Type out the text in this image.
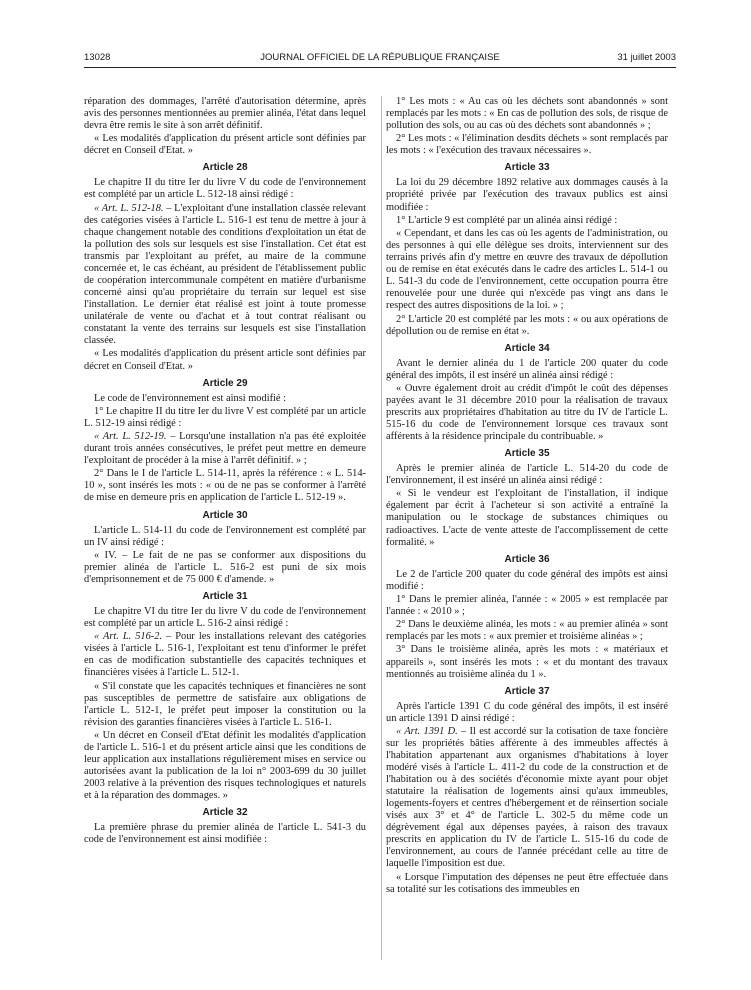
13028	JOURNAL OFFICIEL DE LA RÉPUBLIQUE FRANÇAISE	31 juillet 2003

réparation des dommages, l'arrêté d'autorisation détermine, après avis des personnes mentionnées au premier alinéa, l'état dans lequel devra être remis le site à son arrêt définitif.

« Les modalités d'application du présent article sont définies par décret en Conseil d'Etat. »

Article 28

Le chapitre II du titre Ier du livre V du code de l'environnement est complété par un article L. 512-18 ainsi rédigé :

« Art. L. 512-18. – L'exploitant d'une installation classée relevant des catégories visées à l'article L. 516-1 est tenu de mettre à jour à chaque changement notable des conditions d'exploitation un état de la pollution des sols sur lesquels est sise l'installation. Cet état est transmis par l'exploitant au préfet, au maire de la commune concernée et, le cas échéant, au président de l'établissement public de coopération intercommunale compétent en matière d'urbanisme concerné ainsi qu'au propriétaire du terrain sur lequel est sise l'installation. Le dernier état réalisé est joint à toute promesse unilatérale de vente ou d'achat et à tout contrat réalisant ou constatant la vente des terrains sur lesquels est sise l'installation classée.

« Les modalités d'application du présent article sont définies par décret en Conseil d'Etat. »

Article 29

Le code de l'environnement est ainsi modifié :

1° Le chapitre II du titre Ier du livre V est complété par un article L. 512-19 ainsi rédigé :

« Art. L. 512-19. – Lorsqu'une installation n'a pas été exploitée durant trois années consécutives, le préfet peut mettre en demeure l'exploitant de procéder à la mise à l'arrêt définitif. » ;

2° Dans le I de l'article L. 514-11, après la référence : « L. 514-10 », sont insérés les mots : « ou de ne pas se conformer à l'arrêté de mise en demeure pris en application de l'article L. 512-19 ».

Article 30

L'article L. 514-11 du code de l'environnement est complété par un IV ainsi rédigé :

« IV. – Le fait de ne pas se conformer aux dispositions du premier alinéa de l'article L. 516-2 est puni de six mois d'emprisonnement et de 75 000 € d'amende. »

Article 31

Le chapitre VI du titre Ier du livre V du code de l'environnement est complété par un article L. 516-2 ainsi rédigé :

« Art. L. 516-2. – Pour les installations relevant des catégories visées à l'article L. 516-1, l'exploitant est tenu d'informer le préfet en cas de modification substantielle des capacités techniques et financières visées à l'article L. 512-1.

« S'il constate que les capacités techniques et financières ne sont pas susceptibles de permettre de satisfaire aux obligations de l'article L. 512-1, le préfet peut imposer la constitution ou la révision des garanties financières visées à l'article L. 516-1.

« Un décret en Conseil d'Etat définit les modalités d'application de l'article L. 516-1 et du présent article ainsi que les conditions de leur application aux installations régulièrement mises en service ou autorisées avant la publication de la loi n° 2003-699 du 30 juillet 2003 relative à la prévention des risques technologiques et naturels et à la réparation des dommages. »

Article 32

La première phrase du premier alinéa de l'article L. 541-3 du code de l'environnement est ainsi modifiée :

1° Les mots : « Au cas où les déchets sont abandonnés » sont remplacés par les mots : « En cas de pollution des sols, de risque de pollution des sols, ou au cas où des déchets sont abandonnés » ;

2° Les mots : « l'élimination desdits déchets » sont remplacés par les mots : « l'exécution des travaux nécessaires ».

Article 33

La loi du 29 décembre 1892 relative aux dommages causés à la propriété privée par l'exécution des travaux publics est ainsi modifiée :

1° L'article 9 est complété par un alinéa ainsi rédigé :

« Cependant, et dans les cas où les agents de l'administration, ou des personnes à qui elle délègue ses droits, interviennent sur des terrains privés afin d'y mettre en œuvre des travaux de dépollution ou de remise en état exécutés dans le cadre des articles L. 514-1 ou L. 541-3 du code de l'environnement, cette occupation pourra être renouvelée pour une durée qui n'excède pas vingt ans dans le respect des autres dispositions de la loi. » ;

2° L'article 20 est complété par les mots : « ou aux opérations de dépollution ou de remise en état ».

Article 34

Avant le dernier alinéa du 1 de l'article 200 quater du code général des impôts, il est inséré un alinéa ainsi rédigé :

« Ouvre également droit au crédit d'impôt le coût des dépenses payées avant le 31 décembre 2010 pour la réalisation de travaux prescrits aux propriétaires d'habitation au titre du IV de l'article L. 515-16 du code de l'environnement lorsque ces travaux sont afférents à la résidence principale du contribuable. »

Article 35

Après le premier alinéa de l'article L. 514-20 du code de l'environnement, il est inséré un alinéa ainsi rédigé :

« Si le vendeur est l'exploitant de l'installation, il indique également par écrit à l'acheteur si son activité a entraîné la manipulation ou le stockage de substances chimiques ou radioactives. L'acte de vente atteste de l'accomplissement de cette formalité. »

Article 36

Le 2 de l'article 200 quater du code général des impôts est ainsi modifié :

1° Dans le premier alinéa, l'année : « 2005 » est remplacée par l'année : « 2010 » ;

2° Dans le deuxième alinéa, les mots : « au premier alinéa » sont remplacés par les mots : « aux premier et troisième alinéas » ;

3° Dans le troisième alinéa, après les mots : « matériaux et appareils », sont insérés les mots : « et du montant des travaux mentionnés au troisième alinéa du 1 ».

Article 37

Après l'article 1391 C du code général des impôts, il est inséré un article 1391 D ainsi rédigé :

« Art. 1391 D. – Il est accordé sur la cotisation de taxe foncière sur les propriétés bâties afférente à des immeubles affectés à l'habitation appartenant aux organismes d'habitations à loyer modéré visés à l'article L. 411-2 du code de la construction et de l'habitation ou à des sociétés d'économie mixte ayant pour objet statutaire la réalisation de logements ainsi qu'aux immeubles, logements-foyers et centres d'hébergement et de réinsertion sociale visés aux 3° et 4° de l'article L. 302-5 du même code un dégrèvement égal aux dépenses payées, à raison des travaux prescrits en application du IV de l'article L. 515-16 du code de l'environnement, au cours de l'année précédant celle au titre de laquelle l'imposition est due.

« Lorsque l'imputation des dépenses ne peut être effectuée dans sa totalité sur les cotisations des immeubles en
